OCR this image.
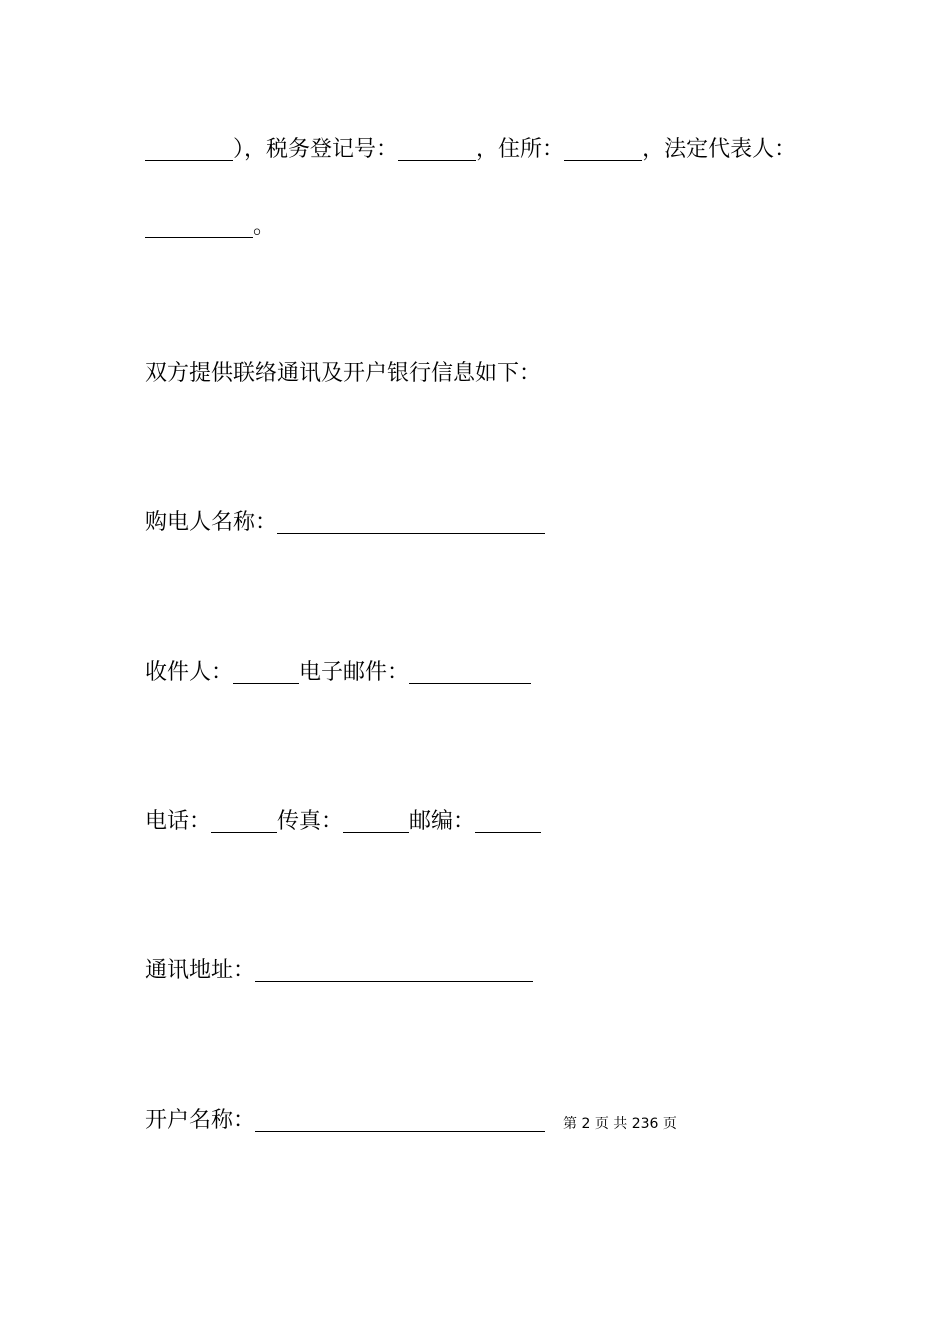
）， 税务登记号：	， 住所：	， 法定代表人：
。
双方提供联络通讯及开户银行信息如下：
购电人名称：
收件人：	电子邮件：
电话：	传真：	邮编：
通讯地址：
开户名称：	第 2 页 共 236 页
